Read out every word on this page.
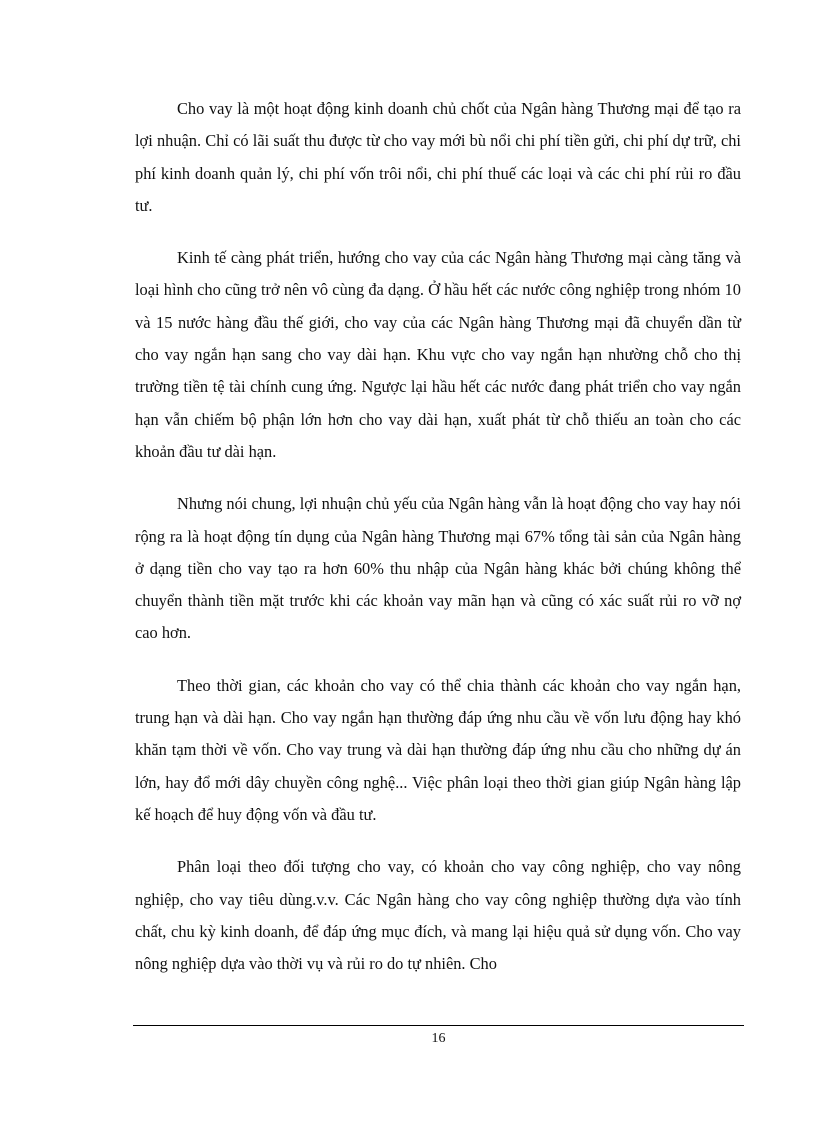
Cho vay là một hoạt động kinh doanh chủ chốt của Ngân hàng Thương mại để tạo ra lợi nhuận. Chỉ có lãi suất thu được từ cho vay mới bù nổi chi phí tiền gửi, chi phí dự trữ, chi phí kinh doanh quản lý, chi phí vốn trôi nổi, chi phí thuế các loại và các chi phí rủi ro đầu tư.

Kinh tế càng phát triển, hướng cho vay của các Ngân hàng Thương mại càng tăng và loại hình cho cũng trở nên vô cùng đa dạng. Ở hầu hết các nước công nghiệp trong nhóm 10 và 15 nước hàng đầu thế giới, cho vay của các Ngân hàng Thương mại đã chuyển dần từ cho vay ngắn hạn sang cho vay dài hạn. Khu vực cho vay ngắn hạn nhường chỗ cho thị trường tiền tệ tài chính cung ứng. Ngược lại hầu hết các nước đang phát triển cho vay ngắn hạn vẫn chiếm bộ phận lớn hơn cho vay dài hạn, xuất phát từ chỗ thiếu an toàn cho các khoản đầu tư dài hạn.

Nhưng nói chung, lợi nhuận chủ yếu của Ngân hàng vẫn là hoạt động cho vay hay nói rộng ra là hoạt động tín dụng của Ngân hàng Thương mại 67% tổng tài sản của Ngân hàng ở dạng tiền cho vay tạo ra hơn 60% thu nhập của Ngân hàng khác bởi chúng không thể chuyển thành tiền mặt trước khi các khoản vay mãn hạn và cũng có xác suất rủi ro vỡ nợ cao hơn.

Theo thời gian, các khoản cho vay có thể chia thành các khoản cho vay ngắn hạn, trung hạn và dài hạn. Cho vay ngắn hạn thường đáp ứng nhu cầu về vốn lưu động hay khó khăn tạm thời về vốn. Cho vay trung và dài hạn thường đáp ứng nhu cầu cho những dự án lớn, hay đổ mới dây chuyền công nghệ... Việc phân loại theo thời gian giúp Ngân hàng lập kế hoạch để huy động vốn và đầu tư.

Phân loại theo đối tượng cho vay, có khoản cho vay công nghiệp, cho vay nông nghiệp, cho vay tiêu dùng.v.v. Các Ngân hàng cho vay công nghiệp thường dựa vào tính chất, chu kỳ kinh doanh, để đáp ứng mục đích, và mang lại hiệu quả sử dụng vốn. Cho vay nông nghiệp dựa vào thời vụ và rủi ro do tự nhiên. Cho

16
